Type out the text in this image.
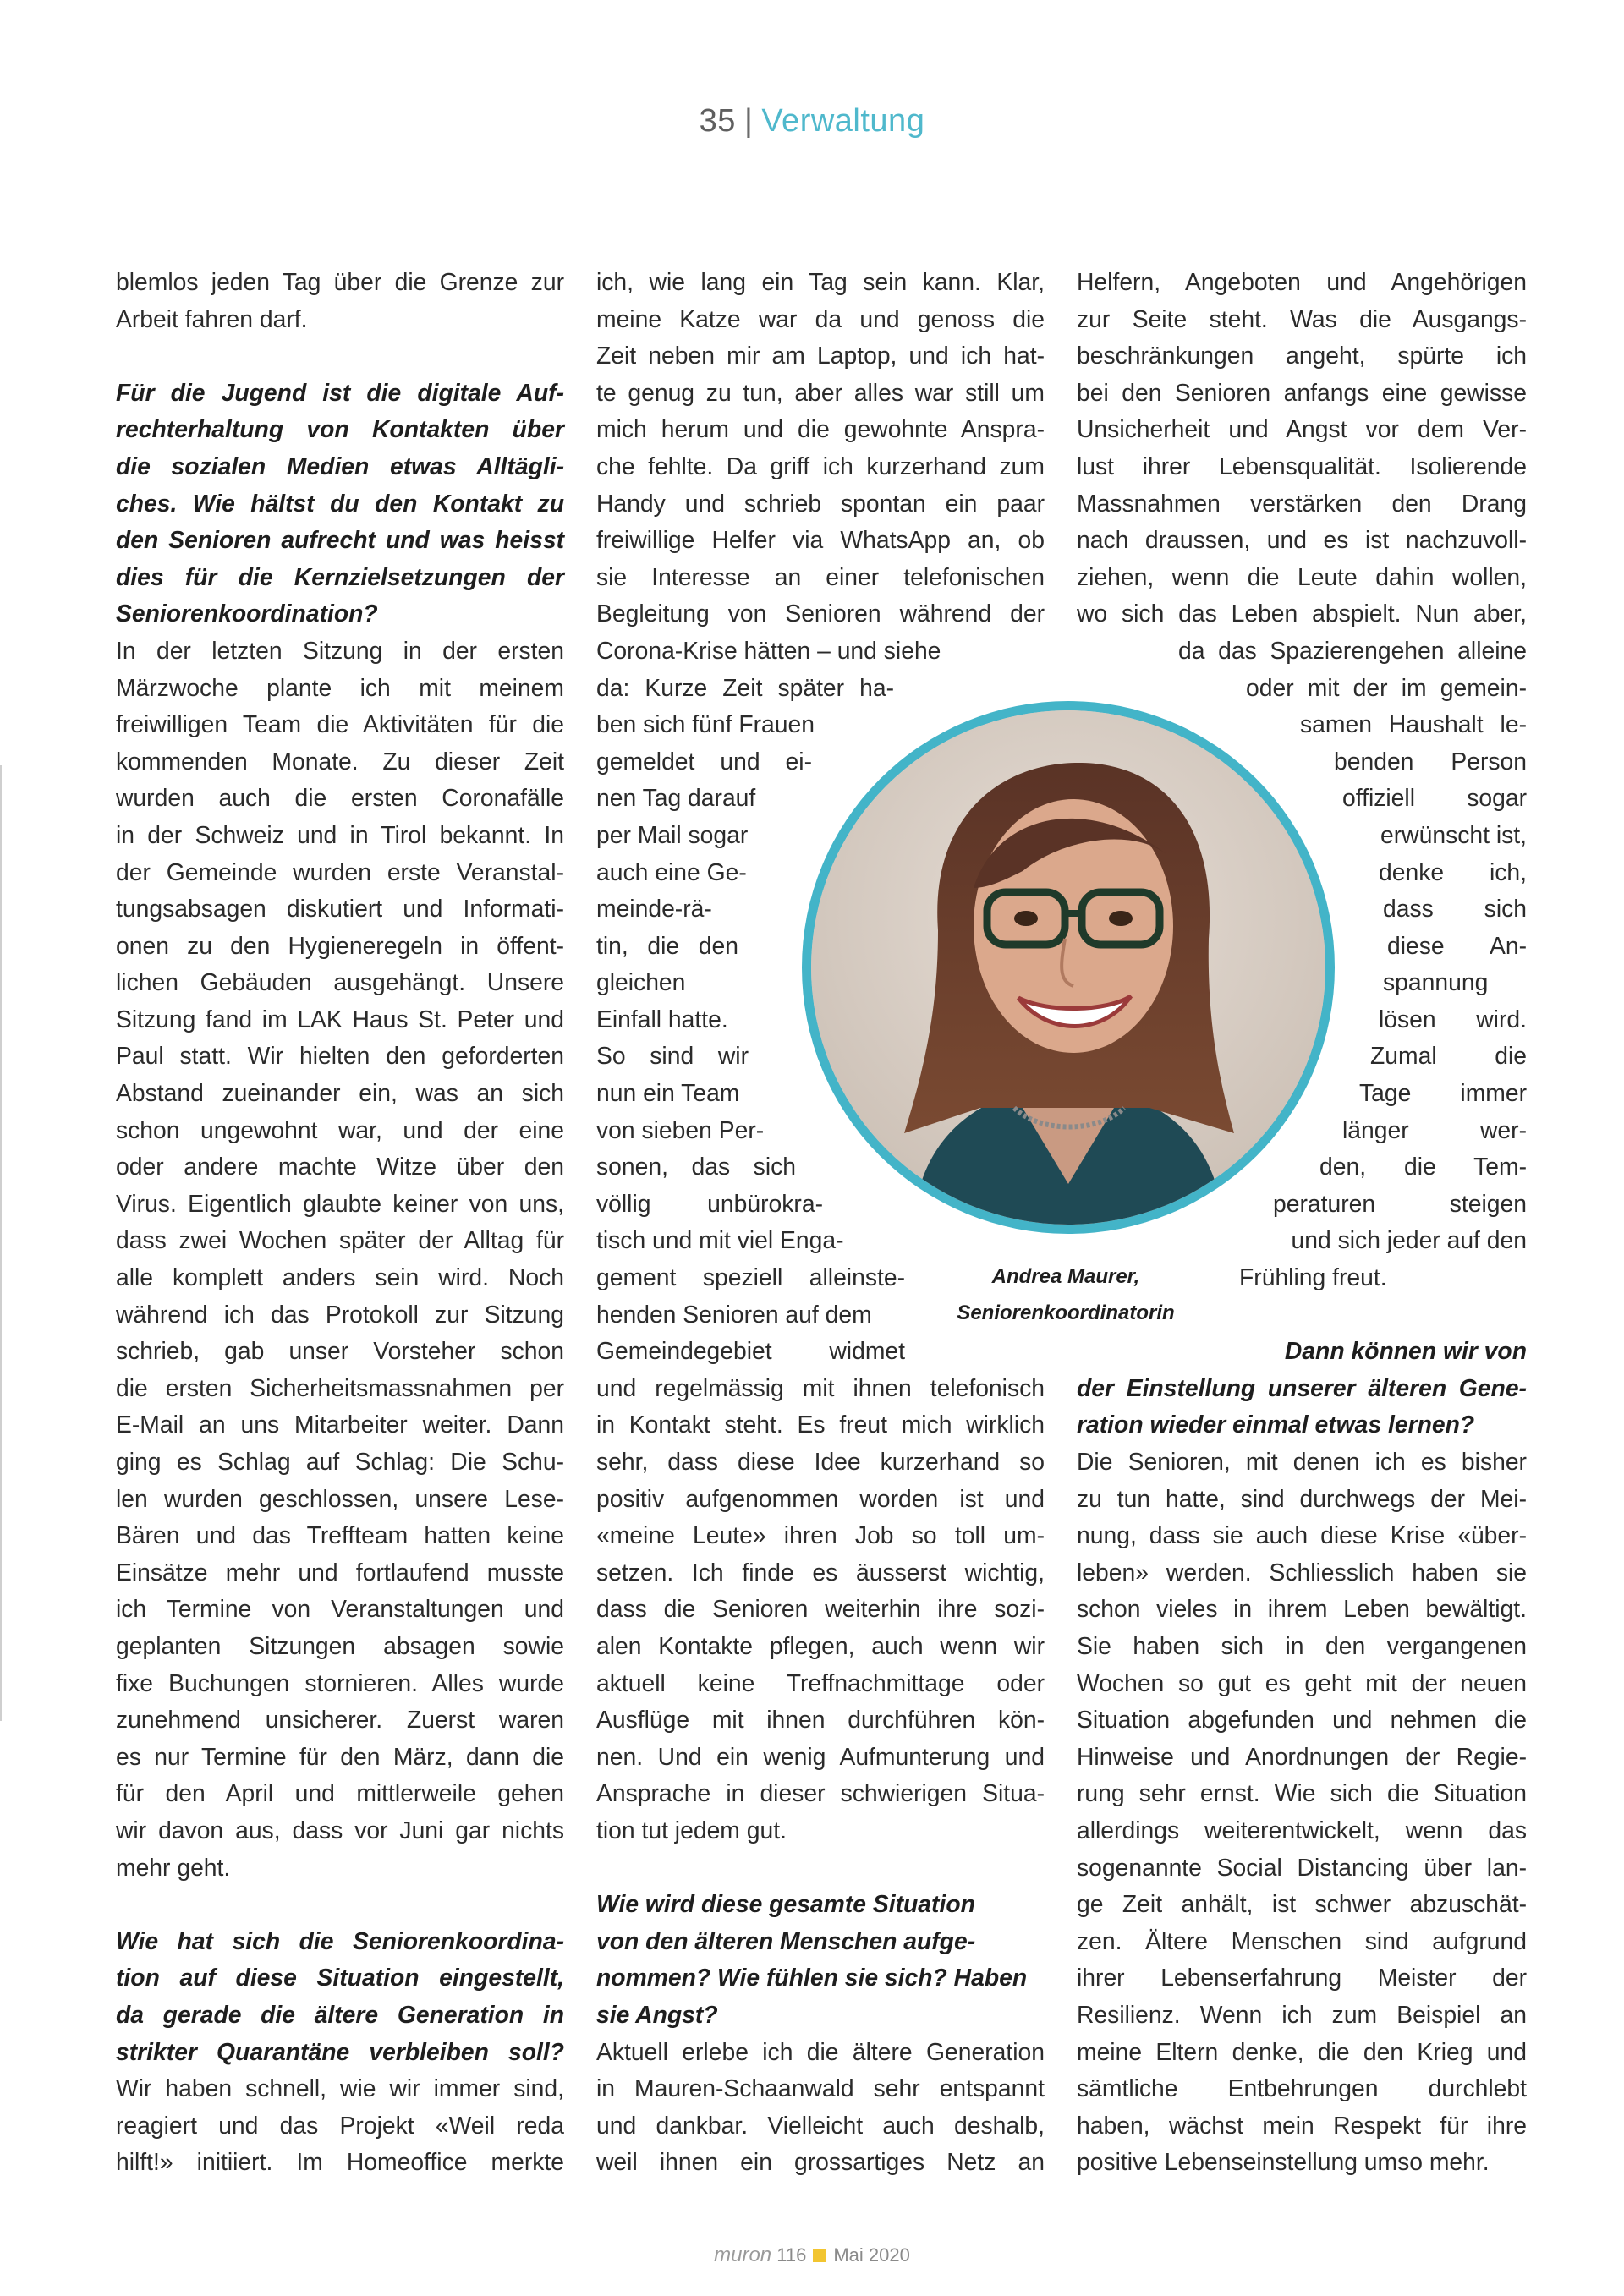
35 | Verwaltung
blemlos jeden Tag über die Grenze zur
Arbeit fahren darf.
Für die Jugend ist die digitale Auf-
rechterhaltung von Kontakten über
die sozialen Medien etwas Alltägli-
ches. Wie hältst du den Kontakt zu
den Senioren aufrecht und was heisst
dies für die Kernzielsetzungen der
Seniorenkoordination?
In der letzten Sitzung in der ersten
Märzwoche plante ich mit meinem
freiwilligen Team die Aktivitäten für die
kommenden Monate. Zu dieser Zeit
wurden auch die ersten Coronafälle
in der Schweiz und in Tirol bekannt. In
der Gemeinde wurden erste Veranstal-
tungsabsagen diskutiert und Informati-
onen zu den Hygieneregeln in öffent-
lichen Gebäuden ausgehängt. Unsere
Sitzung fand im LAK Haus St. Peter und
Paul statt. Wir hielten den geforderten
Abstand zueinander ein, was an sich
schon ungewohnt war, und der eine
oder andere machte Witze über den
Virus. Eigentlich glaubte keiner von uns,
dass zwei Wochen später der Alltag für
alle komplett anders sein wird. Noch
während ich das Protokoll zur Sitzung
schrieb, gab unser Vorsteher schon
die ersten Sicherheitsmassnahmen per
E-Mail an uns Mitarbeiter weiter. Dann
ging es Schlag auf Schlag: Die Schu-
len wurden geschlossen, unsere Lese-
Bären und das Treffteam hatten keine
Einsätze mehr und fortlaufend musste
ich Termine von Veranstaltungen und
geplanten Sitzungen absagen sowie
fixe Buchungen stornieren. Alles wurde
zunehmend unsicherer. Zuerst waren
es nur Termine für den März, dann die
für den April und mittlerweile gehen
wir davon aus, dass vor Juni gar nichts
mehr geht.
Wie hat sich die Seniorenkoordina-
tion auf diese Situation eingestellt,
da gerade die ältere Generation in
strikter Quarantäne verbleiben soll?
Wir haben schnell, wie wir immer sind,
reagiert und das Projekt «Weil reda
hilft!» initiiert. Im Homeoffice merkte
ich, wie lang ein Tag sein kann. Klar,
meine Katze war da und genoss die
Zeit neben mir am Laptop, und ich hat-
te genug zu tun, aber alles war still um
mich herum und die gewohnte Anspra-
che fehlte. Da griff ich kurzerhand zum
Handy und schrieb spontan ein paar
freiwillige Helfer via WhatsApp an, ob
sie Interesse an einer telefonischen
Begleitung von Senioren während der
Corona-Krise hätten – und siehe
da: Kurze Zeit später ha-
ben sich fünf Frauen
gemeldet und ei-
nen Tag darauf
per Mail sogar
auch eine Ge-
meinde-rä-
tin, die den
gleichen
Einfall hatte.
So sind wir
nun ein Team
von sieben Per-
sonen, das sich
völlig unbürokra-
tisch und mit viel Enga-
gement speziell alleinste-
henden Senioren auf dem
Gemeindegebiet widmet
und regelmässig mit ihnen telefonisch
in Kontakt steht. Es freut mich wirklich
sehr, dass diese Idee kurzerhand so
positiv aufgenommen worden ist und
«meine Leute» ihren Job so toll um-
setzen. Ich finde es äusserst wichtig,
dass die Senioren weiterhin ihre sozi-
alen Kontakte pflegen, auch wenn wir
aktuell keine Treffnachmittage oder
Ausflüge mit ihnen durchführen kön-
nen. Und ein wenig Aufmunterung und
Ansprache in dieser schwierigen Situa-
tion tut jedem gut.
Wie wird diese gesamte Situation
von den älteren Menschen aufge-
nommen? Wie fühlen sie sich? Haben
sie Angst?
Aktuell erlebe ich die ältere Generation
in Mauren-Schaanwald sehr entspannt
und dankbar. Vielleicht auch deshalb,
weil ihnen ein grossartiges Netz an
Helfern, Angeboten und Angehörigen
zur Seite steht. Was die Ausgangs-
beschränkungen angeht, spürte ich
bei den Senioren anfangs eine gewisse
Unsicherheit und Angst vor dem Ver-
lust ihrer Lebensqualität. Isolierende
Massnahmen verstärken den Drang
nach draussen, und es ist nachzuvoll-
ziehen, wenn die Leute dahin wollen,
wo sich das Leben abspielt. Nun aber,
da das Spazierengehen alleine
oder mit der im gemein-
samen Haushalt le-
benden Person
offiziell sogar
erwünscht ist,
denke ich,
dass sich
diese An-
spannung
lösen wird.
Zumal die
Tage immer
länger wer-
den, die Tem-
peraturen steigen
und sich jeder auf den
Frühling freut.
Dann können wir von
der Einstellung unserer älteren Gene-
ration wieder einmal etwas lernen?
Die Senioren, mit denen ich es bisher
zu tun hatte, sind durchwegs der Mei-
nung, dass sie auch diese Krise «über-
leben» werden. Schliesslich haben sie
schon vieles in ihrem Leben bewältigt.
Sie haben sich in den vergangenen
Wochen so gut es geht mit der neuen
Situation abgefunden und nehmen die
Hinweise und Anordnungen der Regie-
rung sehr ernst. Wie sich die Situation
allerdings weiterentwickelt, wenn das
sogenannte Social Distancing über lan-
ge Zeit anhält, ist schwer abzuschät-
zen. Ältere Menschen sind aufgrund
ihrer Lebenserfahrung Meister der
Resilienz. Wenn ich zum Beispiel an
meine Eltern denke, die den Krieg und
sämtliche Entbehrungen durchlebt
haben, wächst mein Respekt für ihre
positive Lebenseinstellung umso mehr.
Andrea Maurer,
Seniorenkoordinatorin
muron 116 Mai 2020
